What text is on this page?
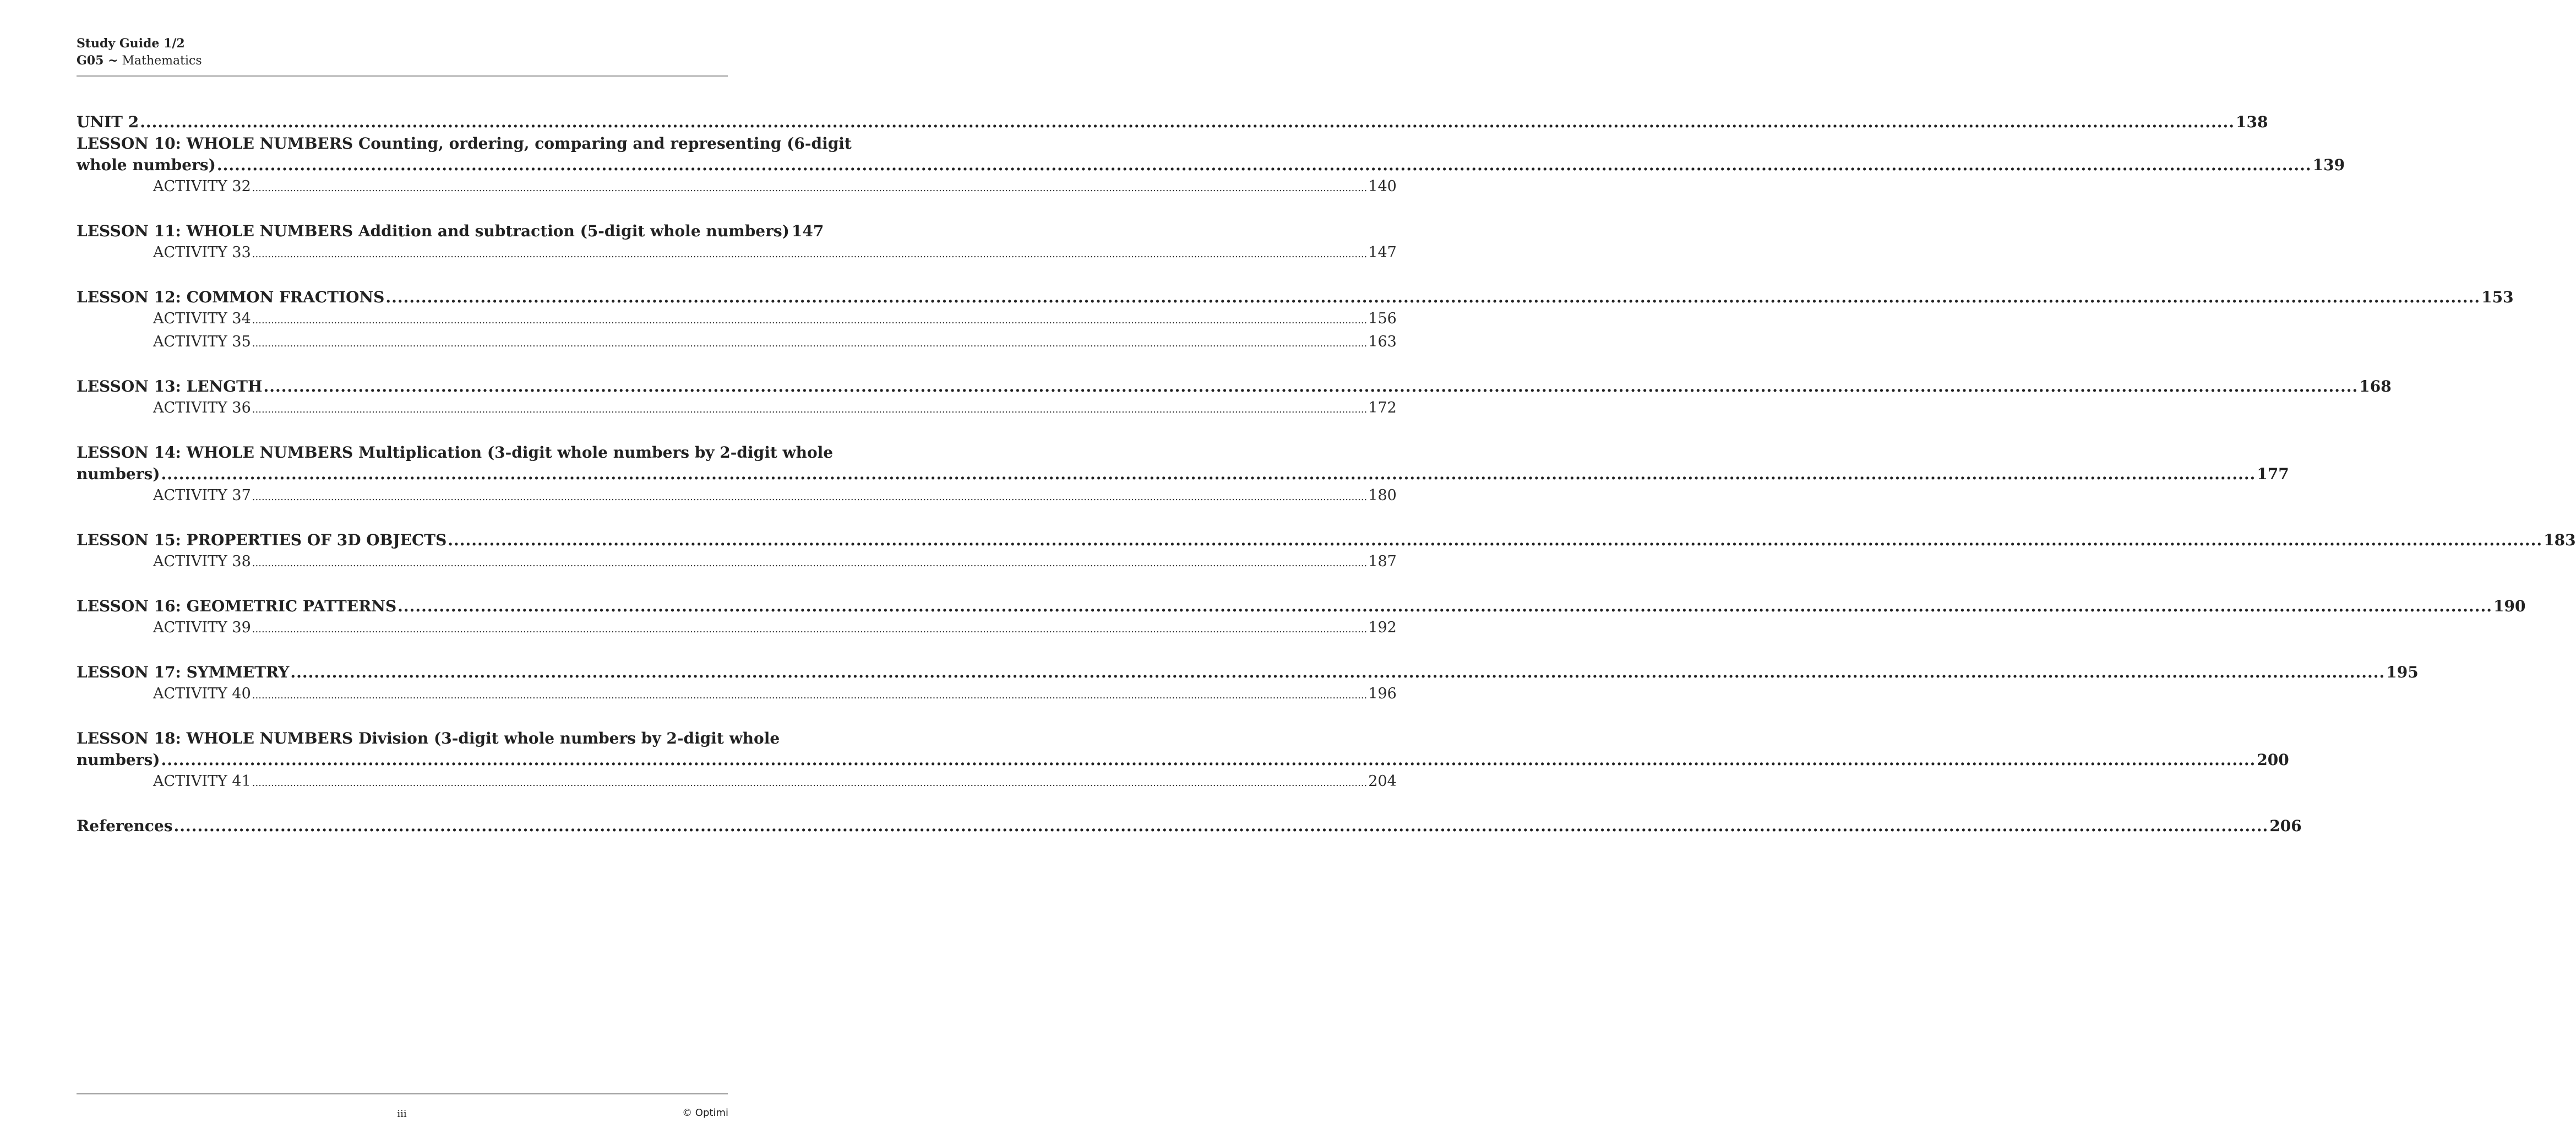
Study Guide 1/2
G05 ~ Mathematics
UNIT 2 .....	138
LESSON 10: WHOLE NUMBERS Counting, ordering, comparing and representing (6-digit
whole numbers) .....	139
ACTIVITY 32 .....	140
LESSON 11: WHOLE NUMBERS Addition and subtraction (5-digit whole numbers) 147
ACTIVITY 33 .....	147
LESSON 12: COMMON FRACTIONS .....	153
ACTIVITY 34 .....	156
ACTIVITY 35 .....	163
LESSON 13: LENGTH .....	168
ACTIVITY 36 .....	172
LESSON 14: WHOLE NUMBERS Multiplication (3-digit whole numbers by 2-digit whole
numbers) .....	177
ACTIVITY 37 .....	180
LESSON 15: PROPERTIES OF 3D OBJECTS .....	183
ACTIVITY 38 .....	187
LESSON 16: GEOMETRIC PATTERNS .....	190
ACTIVITY 39 .....	192
LESSON 17: SYMMETRY .....	195
ACTIVITY 40 .....	196
LESSON 18: WHOLE NUMBERS Division (3-digit whole numbers by 2-digit whole
numbers) .....	200
ACTIVITY 41 .....	204
References .....	206
iii	© Optimi
